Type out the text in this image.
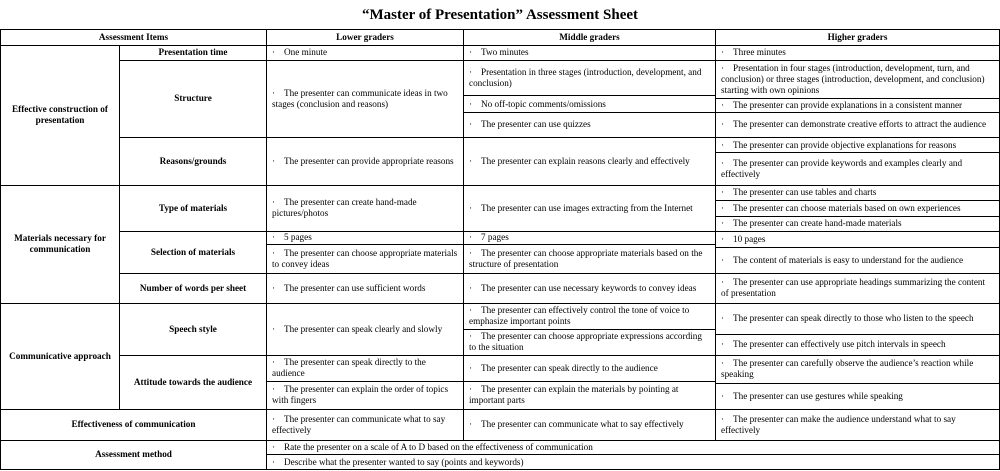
“Master of Presentation” Assessment Sheet
Assessment Items		Lower graders	Middle graders	Higher graders
Effective construction of presentation	Presentation time	· One minute	· Two minutes	· Three minutes
	Structure	· The presenter can communicate ideas in two stages (conclusion and reasons)	· Presentation in three stages (introduction, development, and conclusion)	· Presentation in four stages (introduction, development, turn, and conclusion) or three stages (introduction, development, and conclusion) starting with own opinions

			· No off-topic comments/omissions	
				· The presenter can provide explanations in a consistent manner
			· The presenter can use quizzes	· The presenter can demonstrate creative efforts to attract the audience

	Reasons/grounds	· The presenter can provide appropriate reasons	· The presenter can explain reasons clearly and effectively	· The presenter can provide objective explanations for reasons
				· The presenter can provide keywords and examples clearly and effectively

Materials necessary for communication	Type of materials	· The presenter can create hand-made pictures/photos	· The presenter can use images extracting from the Internet	· The presenter can use tables and charts
				· The presenter can choose materials based on own experiences
				· The presenter can create hand-made materials
	Selection of materials	· 5 pages	· 7 pages	· 10 pages

		· The presenter can choose appropriate materials to convey ideas	· The presenter can choose appropriate materials based on the structure of presentation	
				· The content of materials is easy to understand for the audience
	Number of words per sheet	· The presenter can use sufficient words	· The presenter can use necessary keywords to convey ideas	· The presenter can use appropriate headings summarizing the content of presentation
Communicative approach	Speech style	· The presenter can speak clearly and slowly	· The presenter can effectively control the tone of voice to emphasize important points	· The presenter can speak directly to those who listen to the speech
			· The presenter can choose appropriate expressions according to the situation	
				· The presenter can effectively use pitch intervals in speech
	Attitude towards the audience	· The presenter can speak directly to the audience	· The presenter can speak directly to the audience	· The presenter can carefully observe the audience’s reaction while speaking
		· The presenter can explain the order of topics with fingers	· The presenter can explain the materials by pointing at important parts	
				· The presenter can use gestures while speaking
Effectiveness of communication		· The presenter can communicate what to say effectively	· The presenter can communicate what to say effectively	· The presenter can make the audience understand what to say effectively
Assessment method		· Rate the presenter on a scale of A to D based on the effectiveness of communication		
		· Describe what the presenter wanted to say (points and keywords)		
